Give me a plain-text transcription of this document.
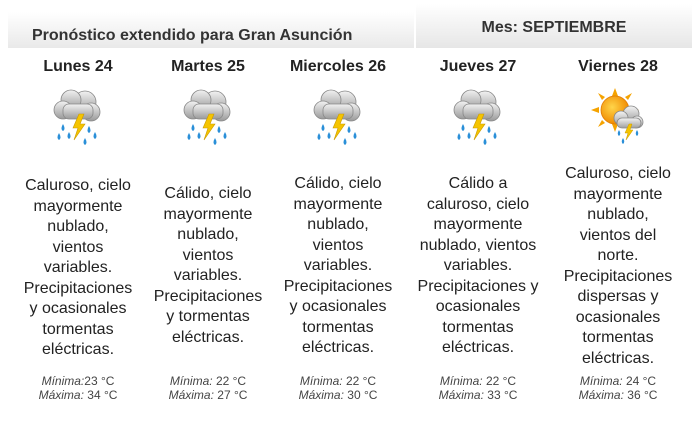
Pronóstico extendido para Gran Asunción	Mes: SEPTIEMBRE
Lunes 24
Caluroso, cielo
mayormente
nublado,
vientos
variables.
Precipitaciones
y ocasionales
tormentas
eléctricas.
Mínima:23 °C
Máxima: 34 °C
Martes 25
Cálido, cielo
mayormente
nublado,
vientos
variables.
Precipitaciones
y tormentas
eléctricas.
Mínima: 22 °C
Máxima: 27 °C
Miercoles 26
Cálido, cielo
mayormente
nublado,
vientos
variables.
Precipitaciones
y ocasionales
tormentas
eléctricas.
Mínima: 22 °C
Máxima: 30 °C
Jueves 27
Cálido a
caluroso, cielo
mayormente
nublado, vientos
variables.
Precipitaciones y
ocasionales
tormentas
eléctricas.
Mínima: 22 °C
Máxima: 33 °C
Viernes 28
Caluroso, cielo
mayormente
nublado,
vientos del
norte.
Precipitaciones
dispersas y
ocasionales
tormentas
eléctricas.
Mínima: 24 °C
Máxima: 36 °C
